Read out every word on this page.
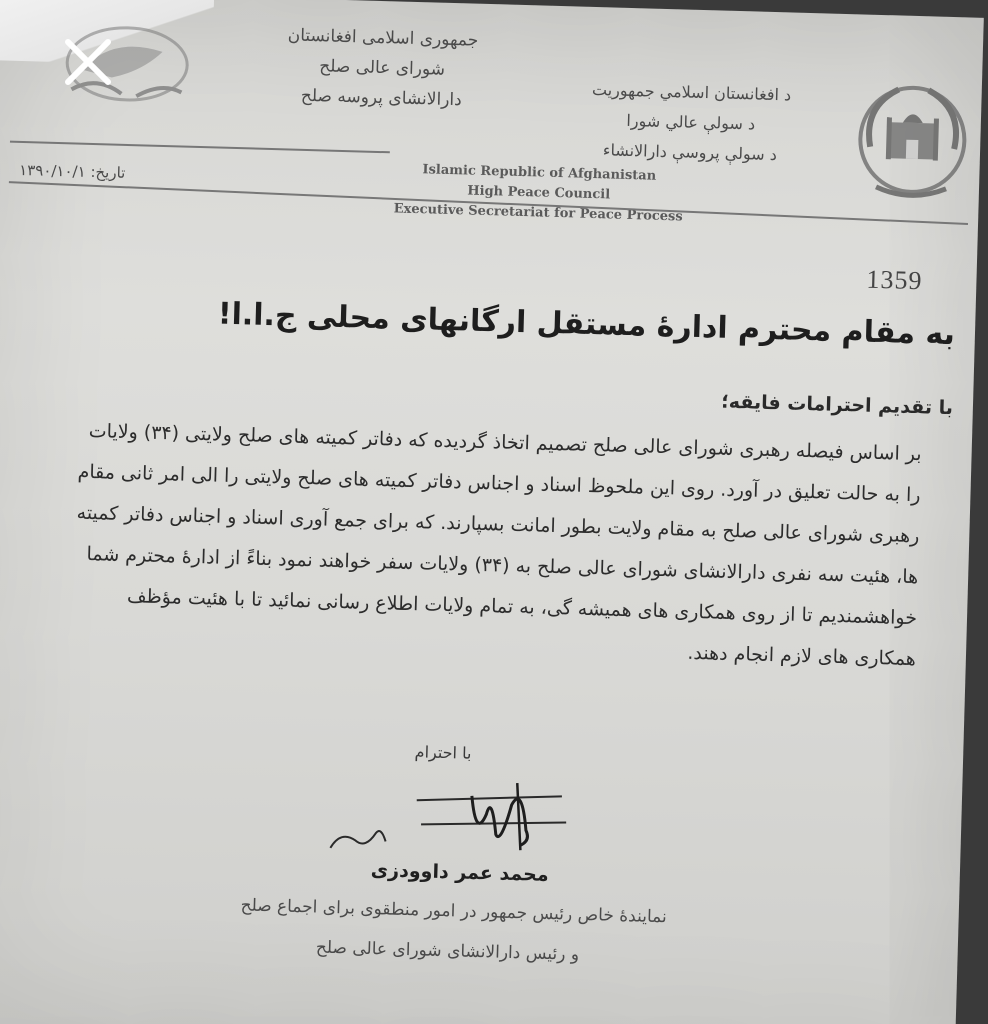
جمهوری اسلامی افغانستان
شورای عالی صلح
دارالانشای پروسه صلح	د افغانستان اسلامي جمهوریت
د سولې عالي شورا
د سولې پروسې دارالانشاء
Islamic Republic of Afghanistan
High Peace Council
Executive Secretariat for Peace Process
تاریخ: ۱۳۹۰/۱۰/۱
1359
به مقام محترم ادارهٔ مستقل ارگانهای محلی ج.ا.ا!
با تقدیم احترامات فایقه؛
بر اساس فیصله رهبری شورای عالی صلح تصمیم اتخاذ گردیده که دفاتر کمیته های صلح ولایتی (۳۴) ولایات
را به حالت تعلیق در آورد. روی این ملحوظ اسناد و اجناس دفاتر کمیته های صلح ولایتی را الی امر ثانی مقام
رهبری شورای عالی صلح به مقام ولایت بطور امانت بسپارند. که برای جمع آوری اسناد و اجناس دفاتر کمیته
ها، هئیت سه نفری دارالانشای شورای عالی صلح به (۳۴) ولایات سفر خواهند نمود بناءً از ادارهٔ محترم شما
خواهشمندیم تا از روی همکاری های همیشه گی، به تمام ولایات اطلاع رسانی نمائید تا با هئیت مؤظف
همکاری های لازم انجام دهند.
با احترام
محمد عمر داوودزی
نمایندهٔ خاص رئیس جمهور در امور منطقوی برای اجماع صلح
و رئیس دارالانشای شورای عالی صلح
